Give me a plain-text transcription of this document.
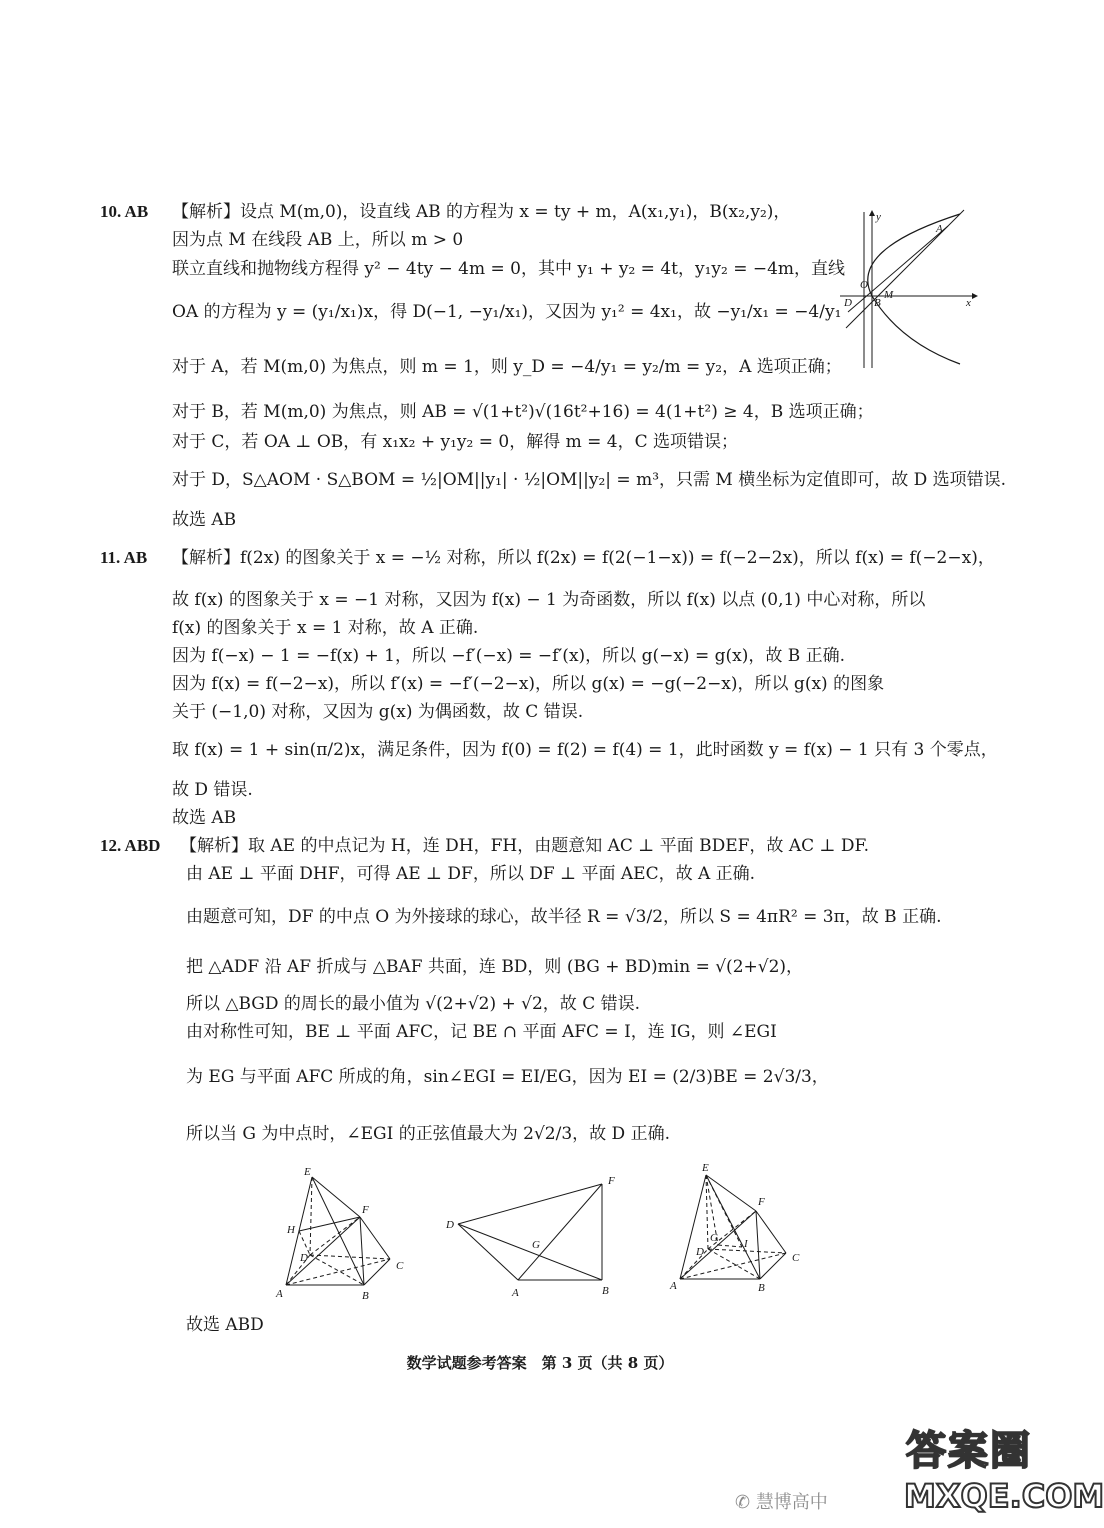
10. AB 【解析】设点 M(m,0)，设直线 AB 的方程为 x = ty + m，A(x₁,y₁)，B(x₂,y₂)，
因为点 M 在线段 AB 上，所以 m > 0
联立直线和抛物线方程得 y² − 4ty − 4m = 0，其中 y₁ + y₂ = 4t，y₁y₂ = −4m，直线
OA 的方程为 y = (y₁/x₁)x，得 D(−1, −y₁/x₁)，又因为 y₁² = 4x₁，故 −y₁/x₁ = −4/y₁
对于 A，若 M(m,0) 为焦点，则 m = 1，则 y_D = −4/y₁ = y₂/m = y₂，A 选项正确；
对于 B，若 M(m,0) 为焦点，则 AB = √(1+t²)√(16t²+16) = 4(1+t²) ≥ 4，B 选项正确；
对于 C，若 OA ⊥ OB，有 x₁x₂ + y₁y₂ = 0，解得 m = 4，C 选项错误；
对于 D，S△AOM · S△BOM = ½|OM||y₁| · ½|OM||y₂| = m³，只需 M 横坐标为定值即可，故 D 选项错误.
故选 AB
y
x
A
O
M
D B
11. AB 【解析】f(2x) 的图象关于 x = −½ 对称，所以 f(2x) = f(2(−1−x)) = f(−2−2x)，所以 f(x) = f(−2−x)，
故 f(x) 的图象关于 x = −1 对称，又因为 f(x) − 1 为奇函数，所以 f(x) 以点 (0,1) 中心对称，所以
f(x) 的图象关于 x = 1 对称，故 A 正确.
因为 f(−x) − 1 = −f(x) + 1，所以 −f′(−x) = −f′(x)，所以 g(−x) = g(x)，故 B 正确.
因为 f(x) = f(−2−x)，所以 f′(x) = −f′(−2−x)，所以 g(x) = −g(−2−x)，所以 g(x) 的图象
关于 (−1,0) 对称，又因为 g(x) 为偶函数，故 C 错误.
取 f(x) = 1 + sin(π/2)x，满足条件，因为 f(0) = f(2) = f(4) = 1，此时函数 y = f(x) − 1 只有 3 个零点，
故 D 错误.
故选 AB
12. ABD 【解析】取 AE 的中点记为 H，连 DH，FH，由题意知 AC ⊥ 平面 BDEF，故 AC ⊥ DF.
由 AE ⊥ 平面 DHF，可得 AE ⊥ DF，所以 DF ⊥ 平面 AEC，故 A 正确.
由题意可知，DF 的中点 O 为外接球的球心，故半径 R = √3/2，所以 S = 4πR² = 3π，故 B 正确.
把 △ADF 沿 AF 折成与 △BAF 共面，连 BD，则 (BG + BD)min = √(2+√2)，
所以 △BGD 的周长的最小值为 √(2+√2) + √2，故 C 错误.
由对称性可知，BE ⊥ 平面 AFC，记 BE ∩ 平面 AFC = I，连 IG，则 ∠EGI
为 EG 与平面 AFC 所成的角，sin∠EGI = EI/EG，因为 EI = (2/3)BE = 2√3/3，
所以当 G 为中点时，∠EGI 的正弦值最大为 2√2/3，故 D 正确.
故选 ABD
E
F
H
D
C
A	B
F
D
G
A	B
E
F
G I
D	C
A	B
数学试题参考答案　第 3 页（共 8 页）
✆ 慧博高中
答案圈
MXQE.COM
